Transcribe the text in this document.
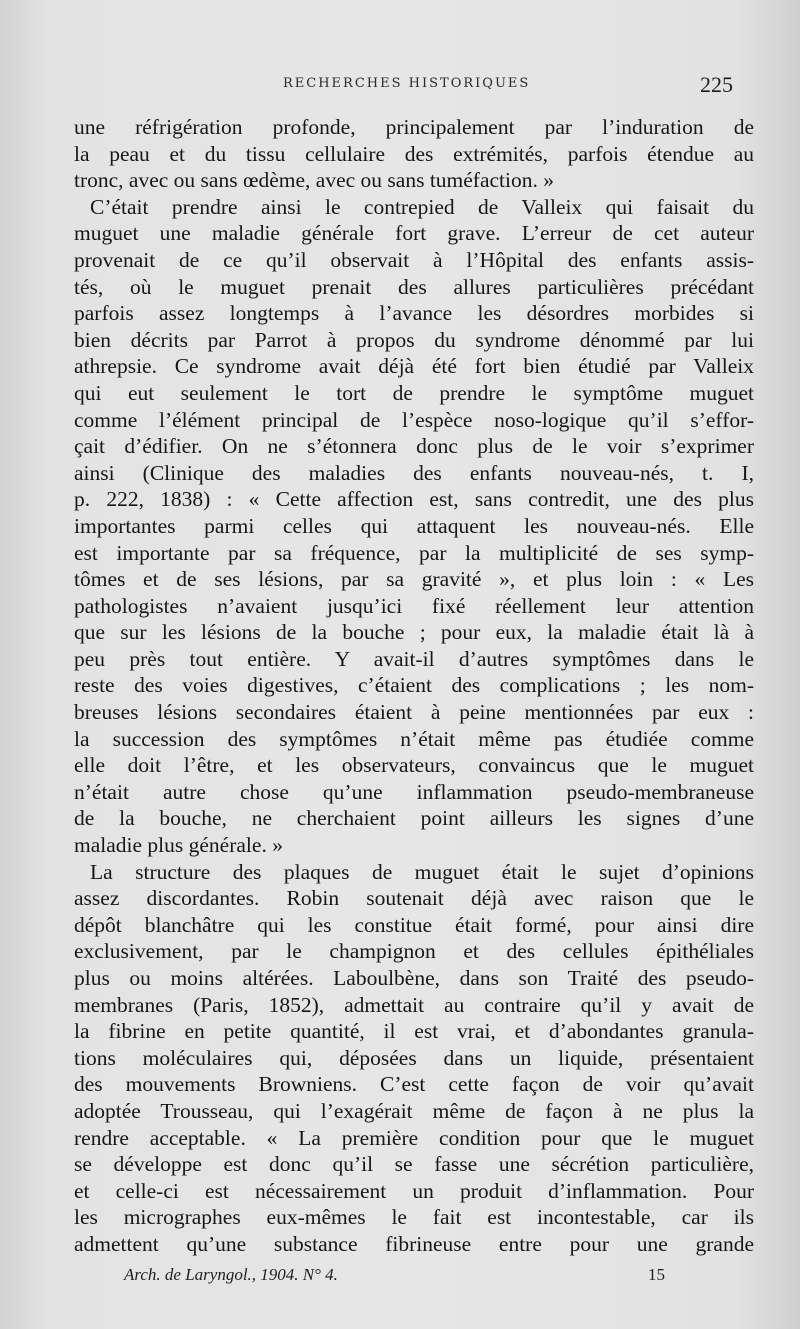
RECHERCHES HISTORIQUES	225
une réfrigération profonde, principalement par l’induration de
la peau et du tissu cellulaire des extrémités, parfois étendue au
tronc, avec ou sans œdème, avec ou sans tuméfaction. »
C’était prendre ainsi le contrepied de Valleix qui faisait du
muguet une maladie générale fort grave. L’erreur de cet auteur
provenait de ce qu’il observait à l’Hôpital des enfants assis-
tés, où le muguet prenait des allures particulières précédant
parfois assez longtemps à l’avance les désordres morbides si
bien décrits par Parrot à propos du syndrome dénommé par lui
athrepsie. Ce syndrome avait déjà été fort bien étudié par Valleix
qui eut seulement le tort de prendre le symptôme muguet
comme l’élément principal de l’espèce noso-logique qu’il s’effor-
çait d’édifier. On ne s’étonnera donc plus de le voir s’exprimer
ainsi (Clinique des maladies des enfants nouveau-nés, t. I,
p. 222, 1838) : « Cette affection est, sans contredit, une des plus
importantes parmi celles qui attaquent les nouveau-nés. Elle
est importante par sa fréquence, par la multiplicité de ses symp-
tômes et de ses lésions, par sa gravité », et plus loin : « Les
pathologistes n’avaient jusqu’ici fixé réellement leur attention
que sur les lésions de la bouche ; pour eux, la maladie était là à
peu près tout entière. Y avait-il d’autres symptômes dans le
reste des voies digestives, c’étaient des complications ; les nom-
breuses lésions secondaires étaient à peine mentionnées par eux :
la succession des symptômes n’était même pas étudiée comme
elle doit l’être, et les observateurs, convaincus que le muguet
n’était autre chose qu’une inflammation pseudo-membraneuse
de la bouche, ne cherchaient point ailleurs les signes d’une
maladie plus générale. »
La structure des plaques de muguet était le sujet d’opinions
assez discordantes. Robin soutenait déjà avec raison que le
dépôt blanchâtre qui les constitue était formé, pour ainsi dire
exclusivement, par le champignon et des cellules épithéliales
plus ou moins altérées. Laboulbène, dans son Traité des pseudo-
membranes (Paris, 1852), admettait au contraire qu’il y avait de
la fibrine en petite quantité, il est vrai, et d’abondantes granula-
tions moléculaires qui, déposées dans un liquide, présentaient
des mouvements Browniens. C’est cette façon de voir qu’avait
adoptée Trousseau, qui l’exagérait même de façon à ne plus la
rendre acceptable. « La première condition pour que le muguet
se développe est donc qu’il se fasse une sécrétion particulière,
et celle-ci est nécessairement un produit d’inflammation. Pour
les micrographes eux-mêmes le fait est incontestable, car ils
admettent qu’une substance fibrineuse entre pour une grande
Arch. de Laryngol., 1904. N° 4.	15
